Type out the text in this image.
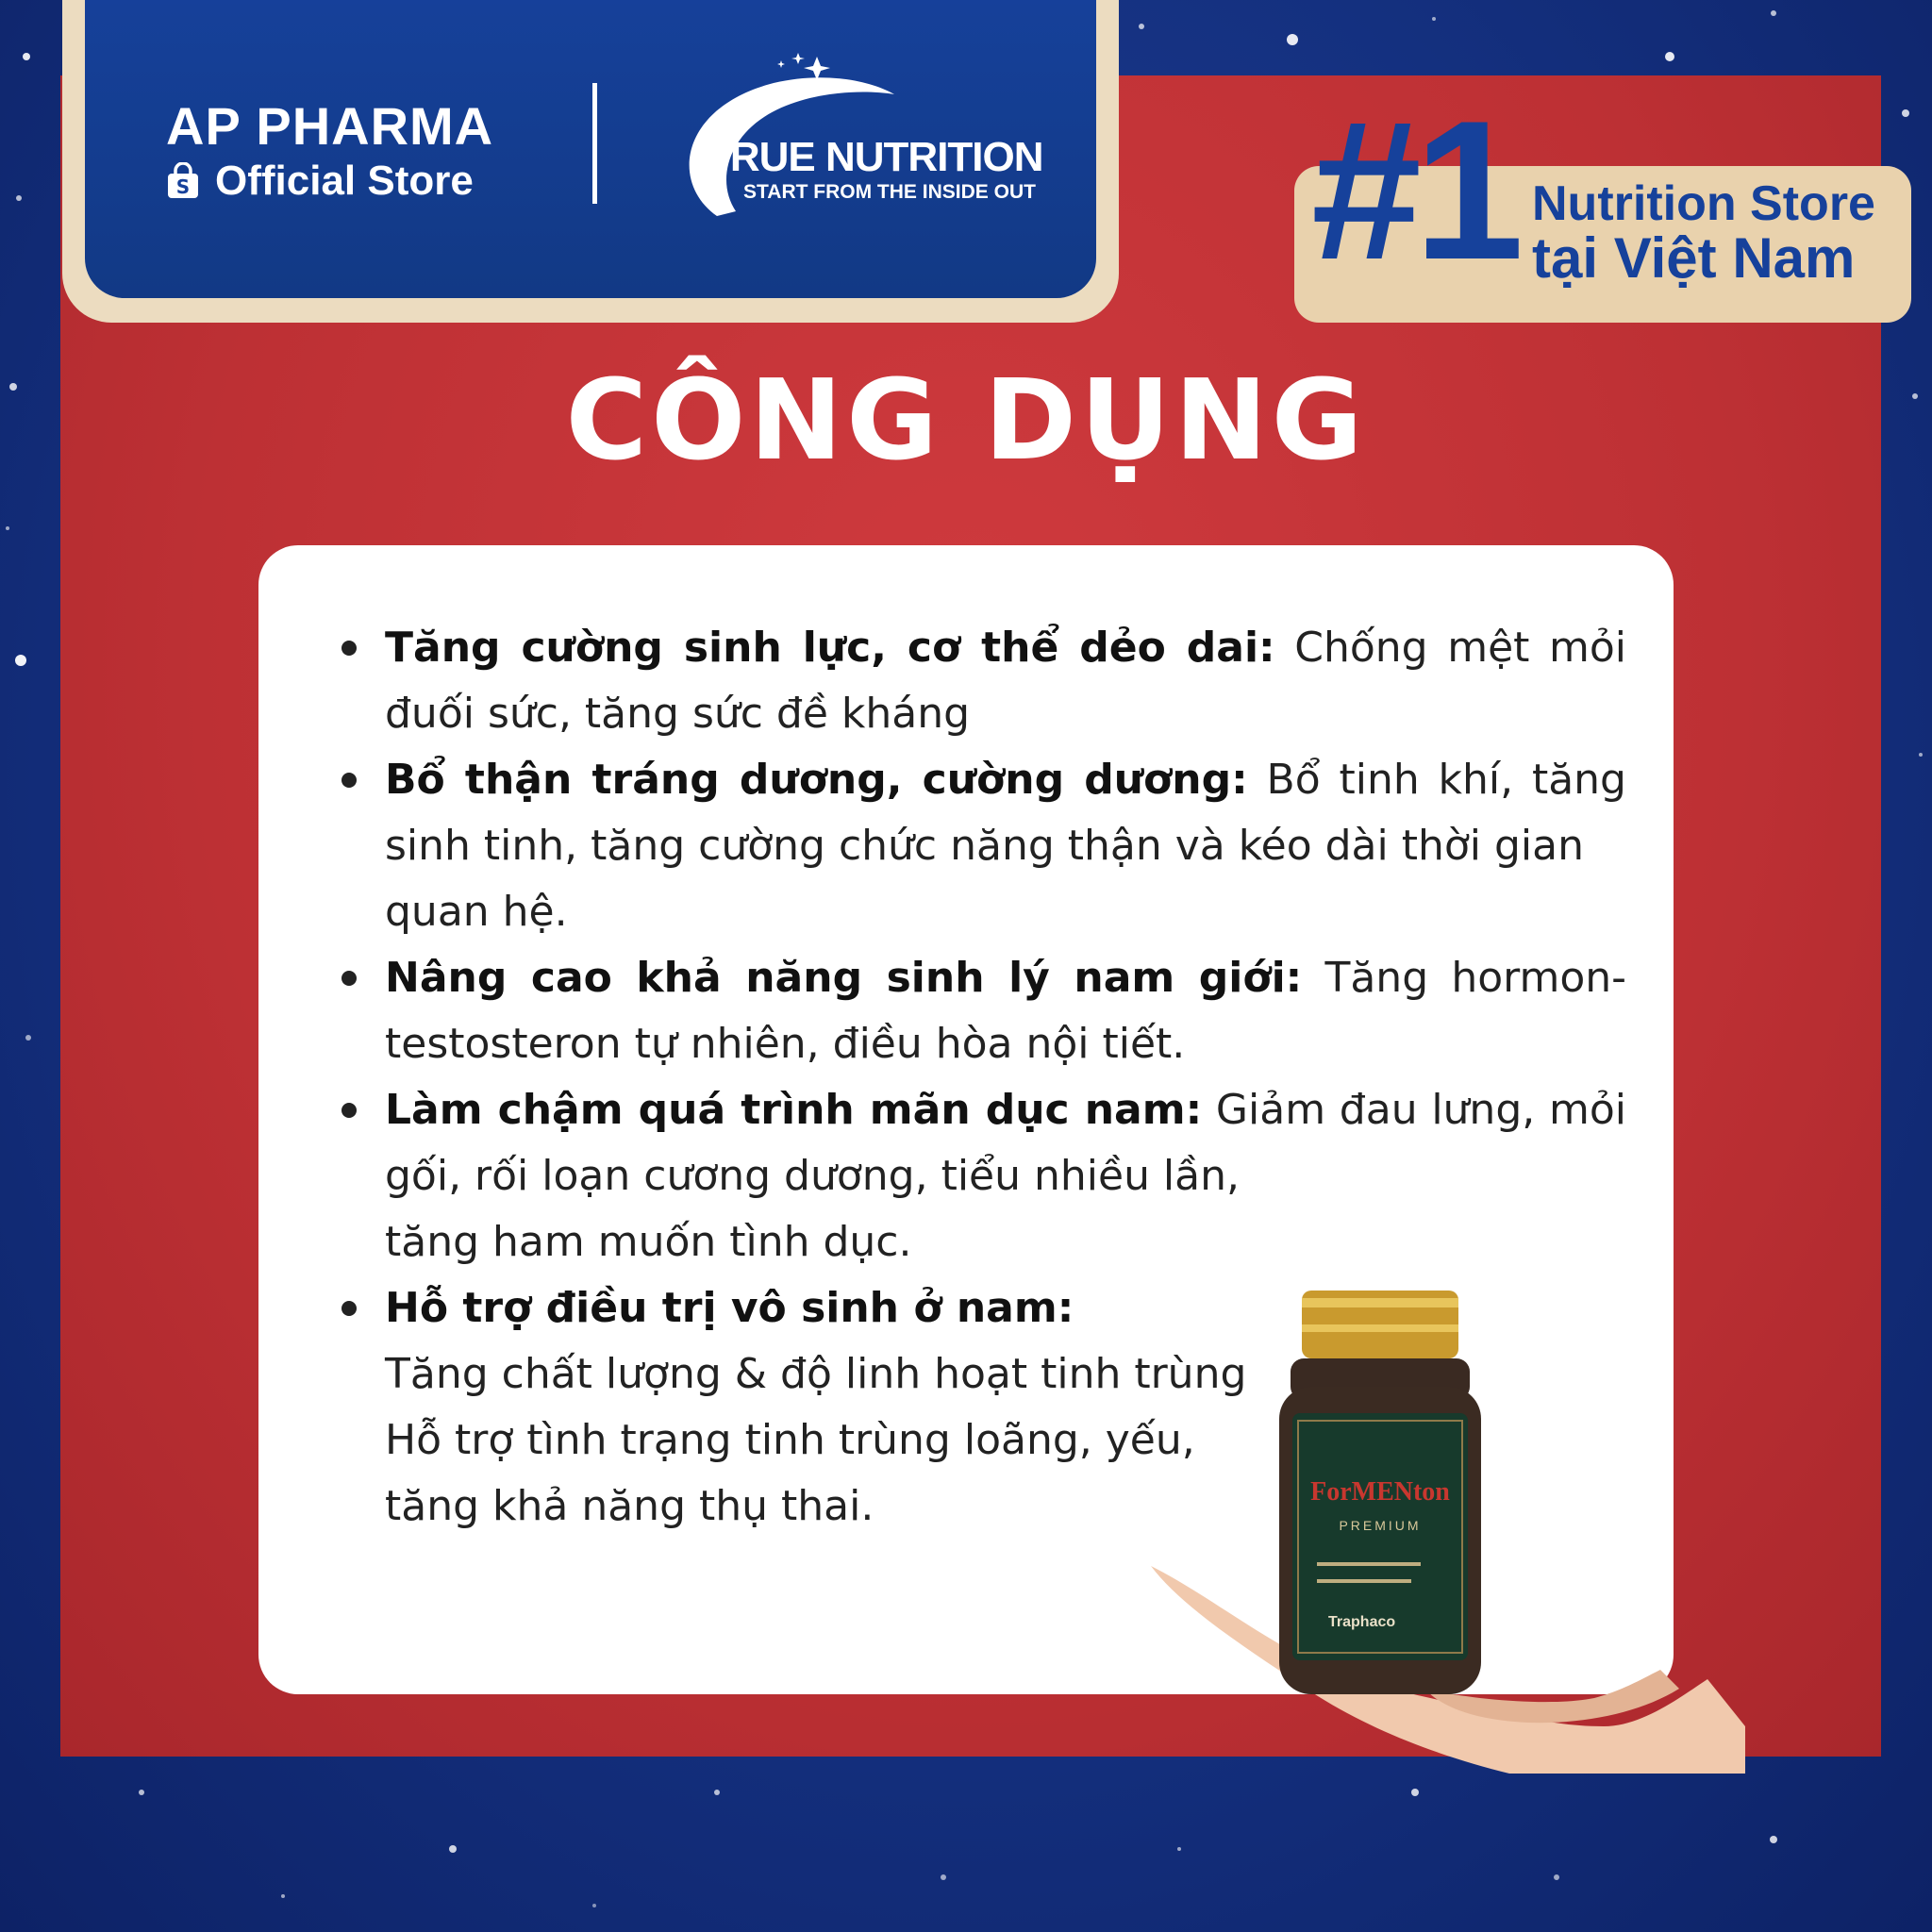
AP PHARMA
S Official Store
TRUE NUTRITION
START FROM THE INSIDE OUT #1 Nutrition Store
tại Việt Nam
CÔNG DỤNG
Tăng cường sinh lực, cơ thể dẻo dai: Chống mệt mỏi đuối sức, tăng sức đề kháng
Bổ thận tráng dương, cường dương: Bổ tinh khí, tăng sinh tinh, tăng cường chức năng thận và kéo dài thời gian
quan hệ.
Nâng cao khả năng sinh lý nam giới: Tăng hormon-testosteron tự nhiên, điều hòa nội tiết.
Làm chậm quá trình mãn dục nam: Giảm đau lưng, mỏi gối, rối loạn cương dương, tiểu nhiều lần,
tăng ham muốn tình dục.
Hỗ trợ điều trị vô sinh ở nam:
Tăng chất lượng & độ linh hoạt tinh trùng
Hỗ trợ tình trạng tinh trùng loãng, yếu,
tăng khả năng thụ thai.	ForMENton
PREMIUM
Traphaco
